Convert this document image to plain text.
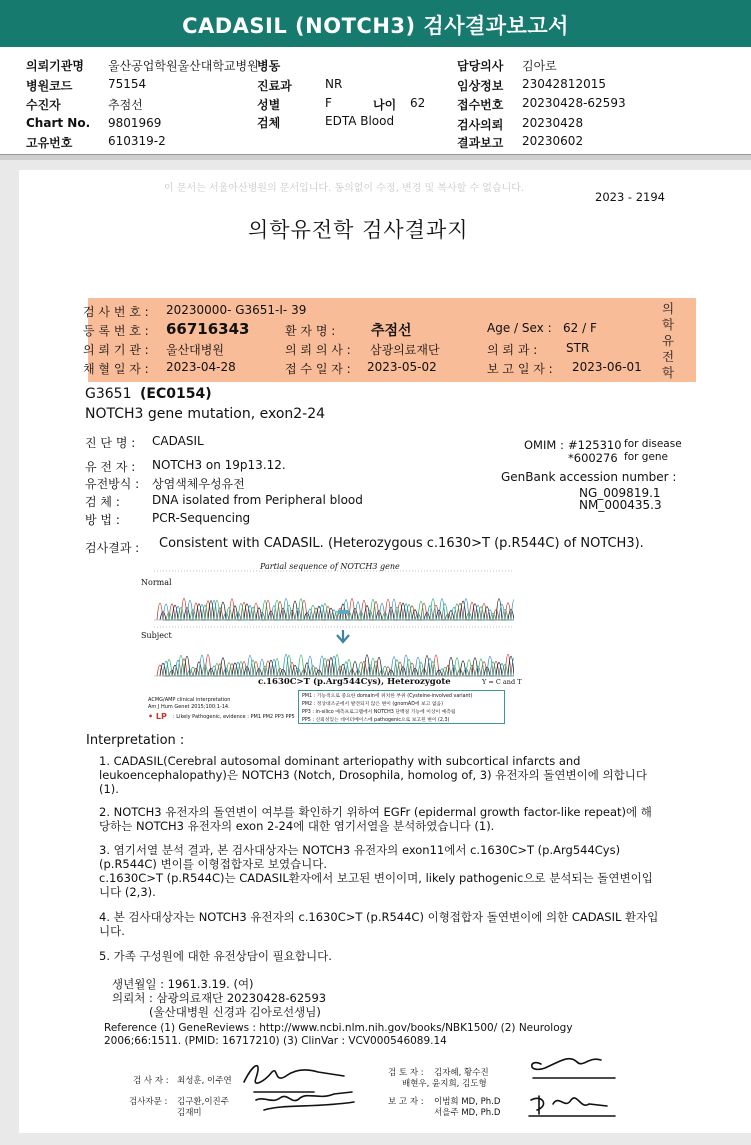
CADASIL (NOTCH3) 검사결과보고서
의뢰기관명 울산공업학원울산대학교병원
병원코드	75154
수진자	추점선
Chart No. 9801969
고유번호	610319-2
병동
진료과	NR
성별	F	나이 62
검체	EDTA Blood
담당의사 김아로
임상정보 23042812015
접수번호 20230428-62593
검사의뢰 20230428
결과보고 20230602
이 문서는 서울아산병원의 문서입니다. 동의없이 수정, 변경 및 복사할 수 없습니다.
2023 - 2194
의학유전학 검사결과지
의학유전학
검 사 번 호 : 20230000- G3651-I- 39
등 록 번 호 : 66716343	환 자 명 :	추점선	Age / Sex : 62 / F
의 뢰 기 관 : 울산대병원	의 뢰 의 사 : 삼광의료재단	의 뢰 과 : STR
채 혈 일 자 : 2023-04-28	접 수 일 자 : 2023-05-02	보 고 일 자 : 2023-06-01
G3651 (EC0154)
NOTCH3 gene mutation, exon2-24
진 단 명 : CADASIL
유 전 자 : NOTCH3 on 19p13.12.
유전방식 : 상염색체우성유전
검 체 :	DNA isolated from Peripheral blood
방 법 :	PCR-Sequencing
OMIM : #125310 for disease
*600276 for gene
GenBank accession number :
NG_009819.1
NM_000435.3
검사결과 : Consistent with CADASIL. (Heterozygous c.1630>T (p.R544C) of NOTCH3).
Partial sequence of NOTCH3 gene
Normal
Subject
c.1630C>T (p.Arg544Cys), Heterozygote	Y = C and T
ACMG/AMP clinical interpretation
Am J Hum Genet 2015;100:1-14.
• LP : Likely Pathogenic, evidence : PM1 PM2 PP3 PP5
PM1 : 기능적으로 중요한 domain에 위치한 부위 (Cysteine-involved variant)
PM2 : 정상대조군에서 발견되지 않은 변이 (gnomAD에 보고 없음)
PP3 : in-silico 예측프로그램에서 NOTCH3 단백질 기능에 이상이 예측됨
PP5 : 신뢰성있는 데이터베이스에 pathogenic으로 보고된 변이 (2,3)
Interpretation :
1. CADASIL(Cerebral autosomal dominant arteriopathy with subcortical infarcts and leukoencephalopathy)은 NOTCH3 (Notch, Drosophila, homolog of, 3) 유전자의 돌연변이에 의합니다 (1).
2. NOTCH3 유전자의 돌연변이 여부를 확인하기 위하여 EGFr (epidermal growth factor-like repeat)에 해당하는 NOTCH3 유전자의 exon 2-24에 대한 염기서열을 분석하였습니다 (1).
3. 염기서열 분석 결과, 본 검사대상자는 NOTCH3 유전자의 exon11에서 c.1630C>T (p.Arg544Cys) (p.R544C) 변이를 이형접합자로 보였습니다.
c.1630C>T (p.R544C)는 CADASIL환자에서 보고된 변이이며, likely pathogenic으로 분석되는 돌연변이입니다 (2,3).
4. 본 검사대상자는 NOTCH3 유전자의 c.1630C>T (p.R544C) 이형접합자 돌연변이에 의한 CADASIL 환자입니다.
5. 가족 구성원에 대한 유전상담이 필요합니다.
생년월일 : 1961.3.19. (여)
의뢰처 : 삼광의료재단 20230428-62593
(울산대병원 신경과 김아로선생님)
Reference (1) GeneReviews : http://www.ncbi.nlm.nih.gov/books/NBK1500/ (2) Neurology 2006;66:1511. (PMID: 16717210) (3) ClinVar : VCV000546089.14
검 사 자 : 최성훈, 이주연
검사자문 : 김구환,이진주
김재미
검 토 자 : 김자혜, 황수진
배현우, 윤지희, 김도형
보 고 자 : 이범희 MD, Ph.D
서을주 MD, Ph.D
